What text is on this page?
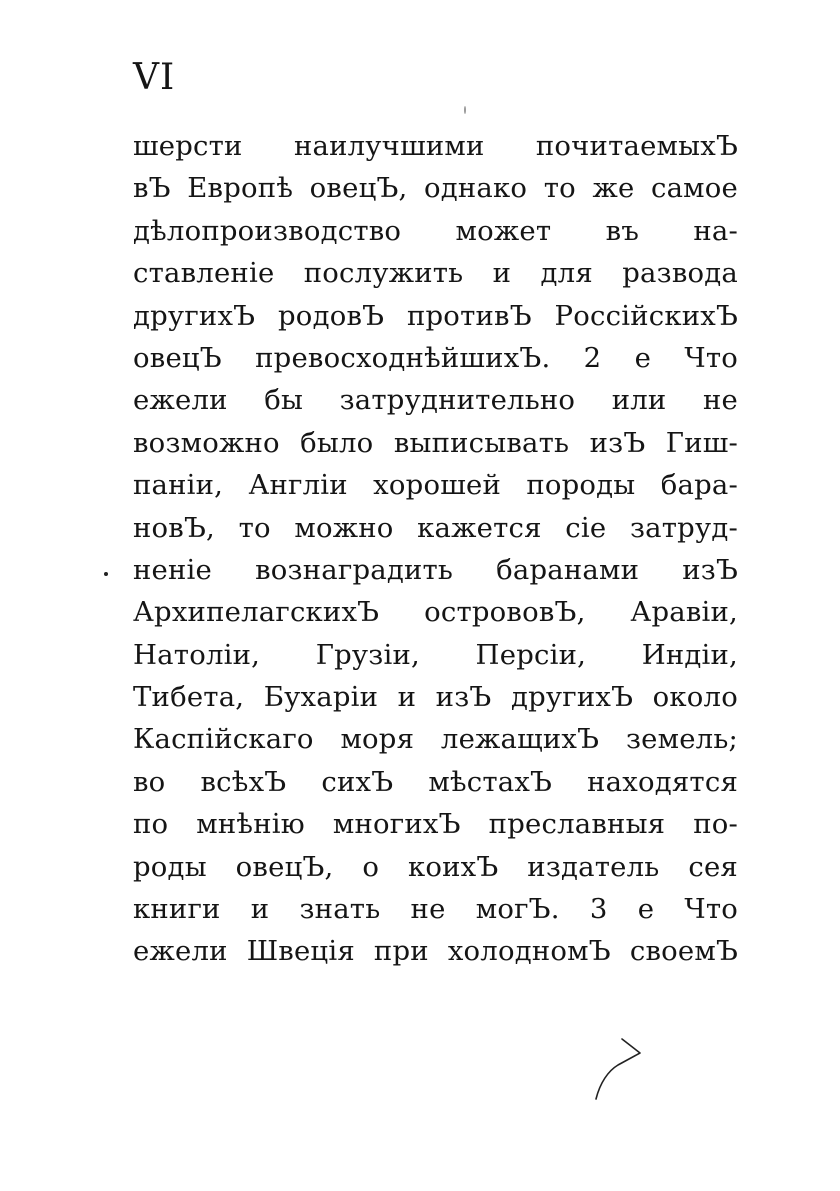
VI
шерсти наилучшими почитаемыхЪ
вЪ Европѣ овецЪ, однако то же самое
дѣлопроизводство может въ на-
ставленіе послужить и для развода
другихЪ родовЪ противЪ РоссійскихЪ
овецЪ превосходнѣйшихЪ. 2 е Что
ежели бы затруднительно или не
возможно было выписывать изЪ Гиш-
паніи, Англіи хорошей породы бара-
новЪ, то можно кажется сіе затруд-
неніе вознаградить баранами изЪ
АрхипелагскихЪ острововЪ, Аравіи,
Натоліи, Грузіи, Персіи, Индіи,
Тибета, Бухаріи и изЪ другихЪ около
Каспійскаго моря лежащихЪ земель;
во всѣхЪ сихЪ мѣстахЪ находятся
по мнѣнію многихЪ преславныя по-
роды овецЪ, о коихЪ издатель сея
книги и знать не могЪ. 3 е Что
ежели Швеція при холодномЪ своемЪ
